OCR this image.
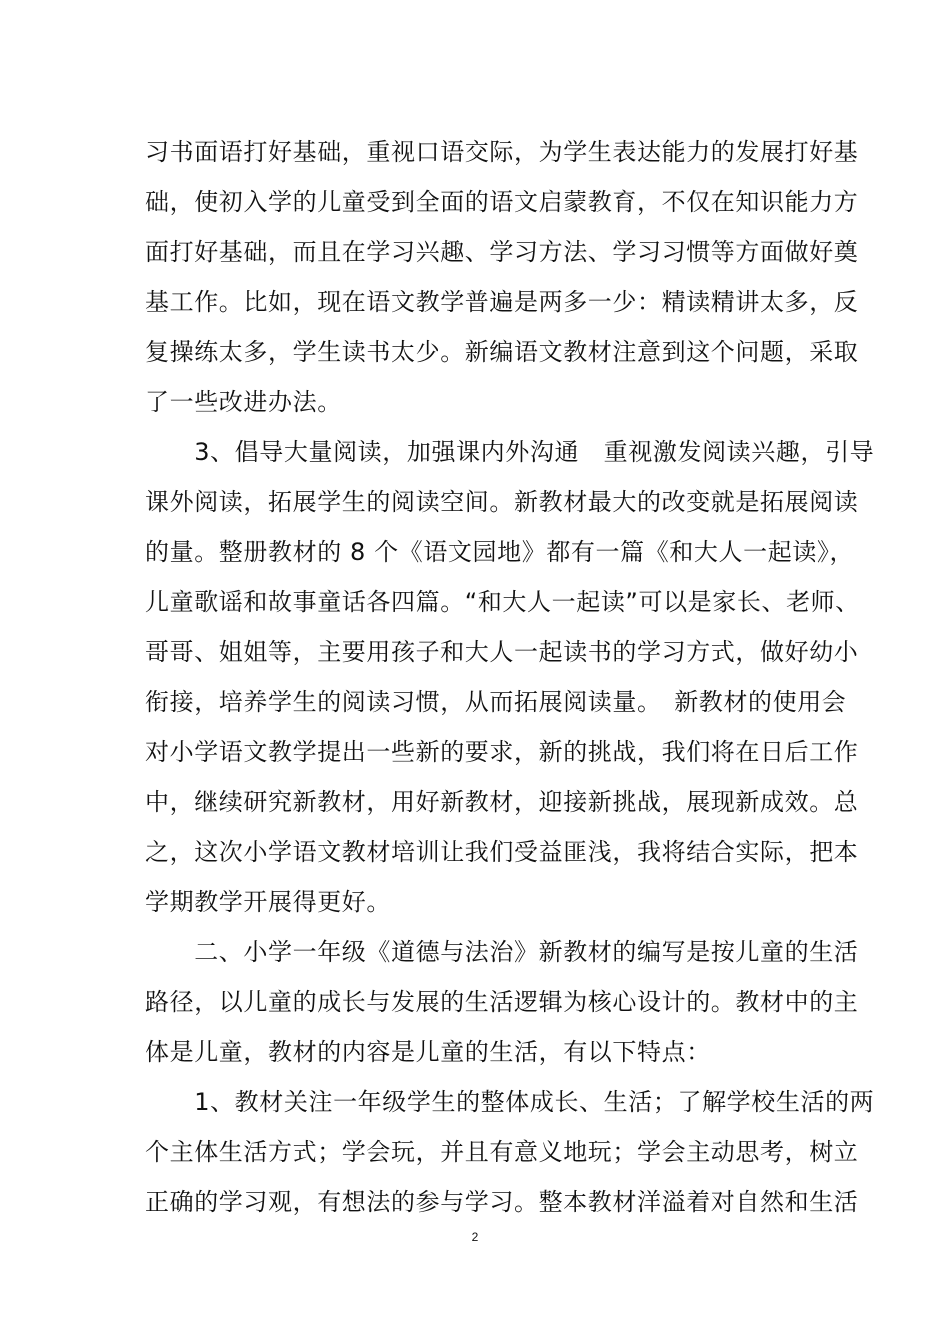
习书面语打好基础，重视口语交际，为学生表达能力的发展打好基
础，使初入学的儿童受到全面的语文启蒙教育，不仅在知识能力方
面打好基础，而且在学习兴趣、学习方法、学习习惯等方面做好奠
基工作。比如，现在语文教学普遍是两多一少：精读精讲太多，反
复操练太多，学生读书太少。新编语文教材注意到这个问题，采取
了一些改进办法。
　　3、倡导大量阅读，加强课内外沟通　重视激发阅读兴趣，引导
课外阅读，拓展学生的阅读空间。新教材最大的改变就是拓展阅读
的量。整册教材的 8 个《语文园地》都有一篇《和大人一起读》，
儿童歌谣和故事童话各四篇。“和大人一起读”可以是家长、老师、
哥哥、姐姐等，主要用孩子和大人一起读书的学习方式，做好幼小
衔接，培养学生的阅读习惯，从而拓展阅读量。　新教材的使用会
对小学语文教学提出一些新的要求，新的挑战，我们将在日后工作
中，继续研究新教材，用好新教材，迎接新挑战，展现新成效。总
之，这次小学语文教材培训让我们受益匪浅，我将结合实际，把本
学期教学开展得更好。
　　二、小学一年级《道德与法治》新教材的编写是按儿童的生活
路径，以儿童的成长与发展的生活逻辑为核心设计的。教材中的主
体是儿童，教材的内容是儿童的生活，有以下特点：
　　1、教材关注一年级学生的整体成长、生活；了解学校生活的两
个主体生活方式；学会玩，并且有意义地玩；学会主动思考，树立
正确的学习观，有想法的参与学习。整本教材洋溢着对自然和生活
2
